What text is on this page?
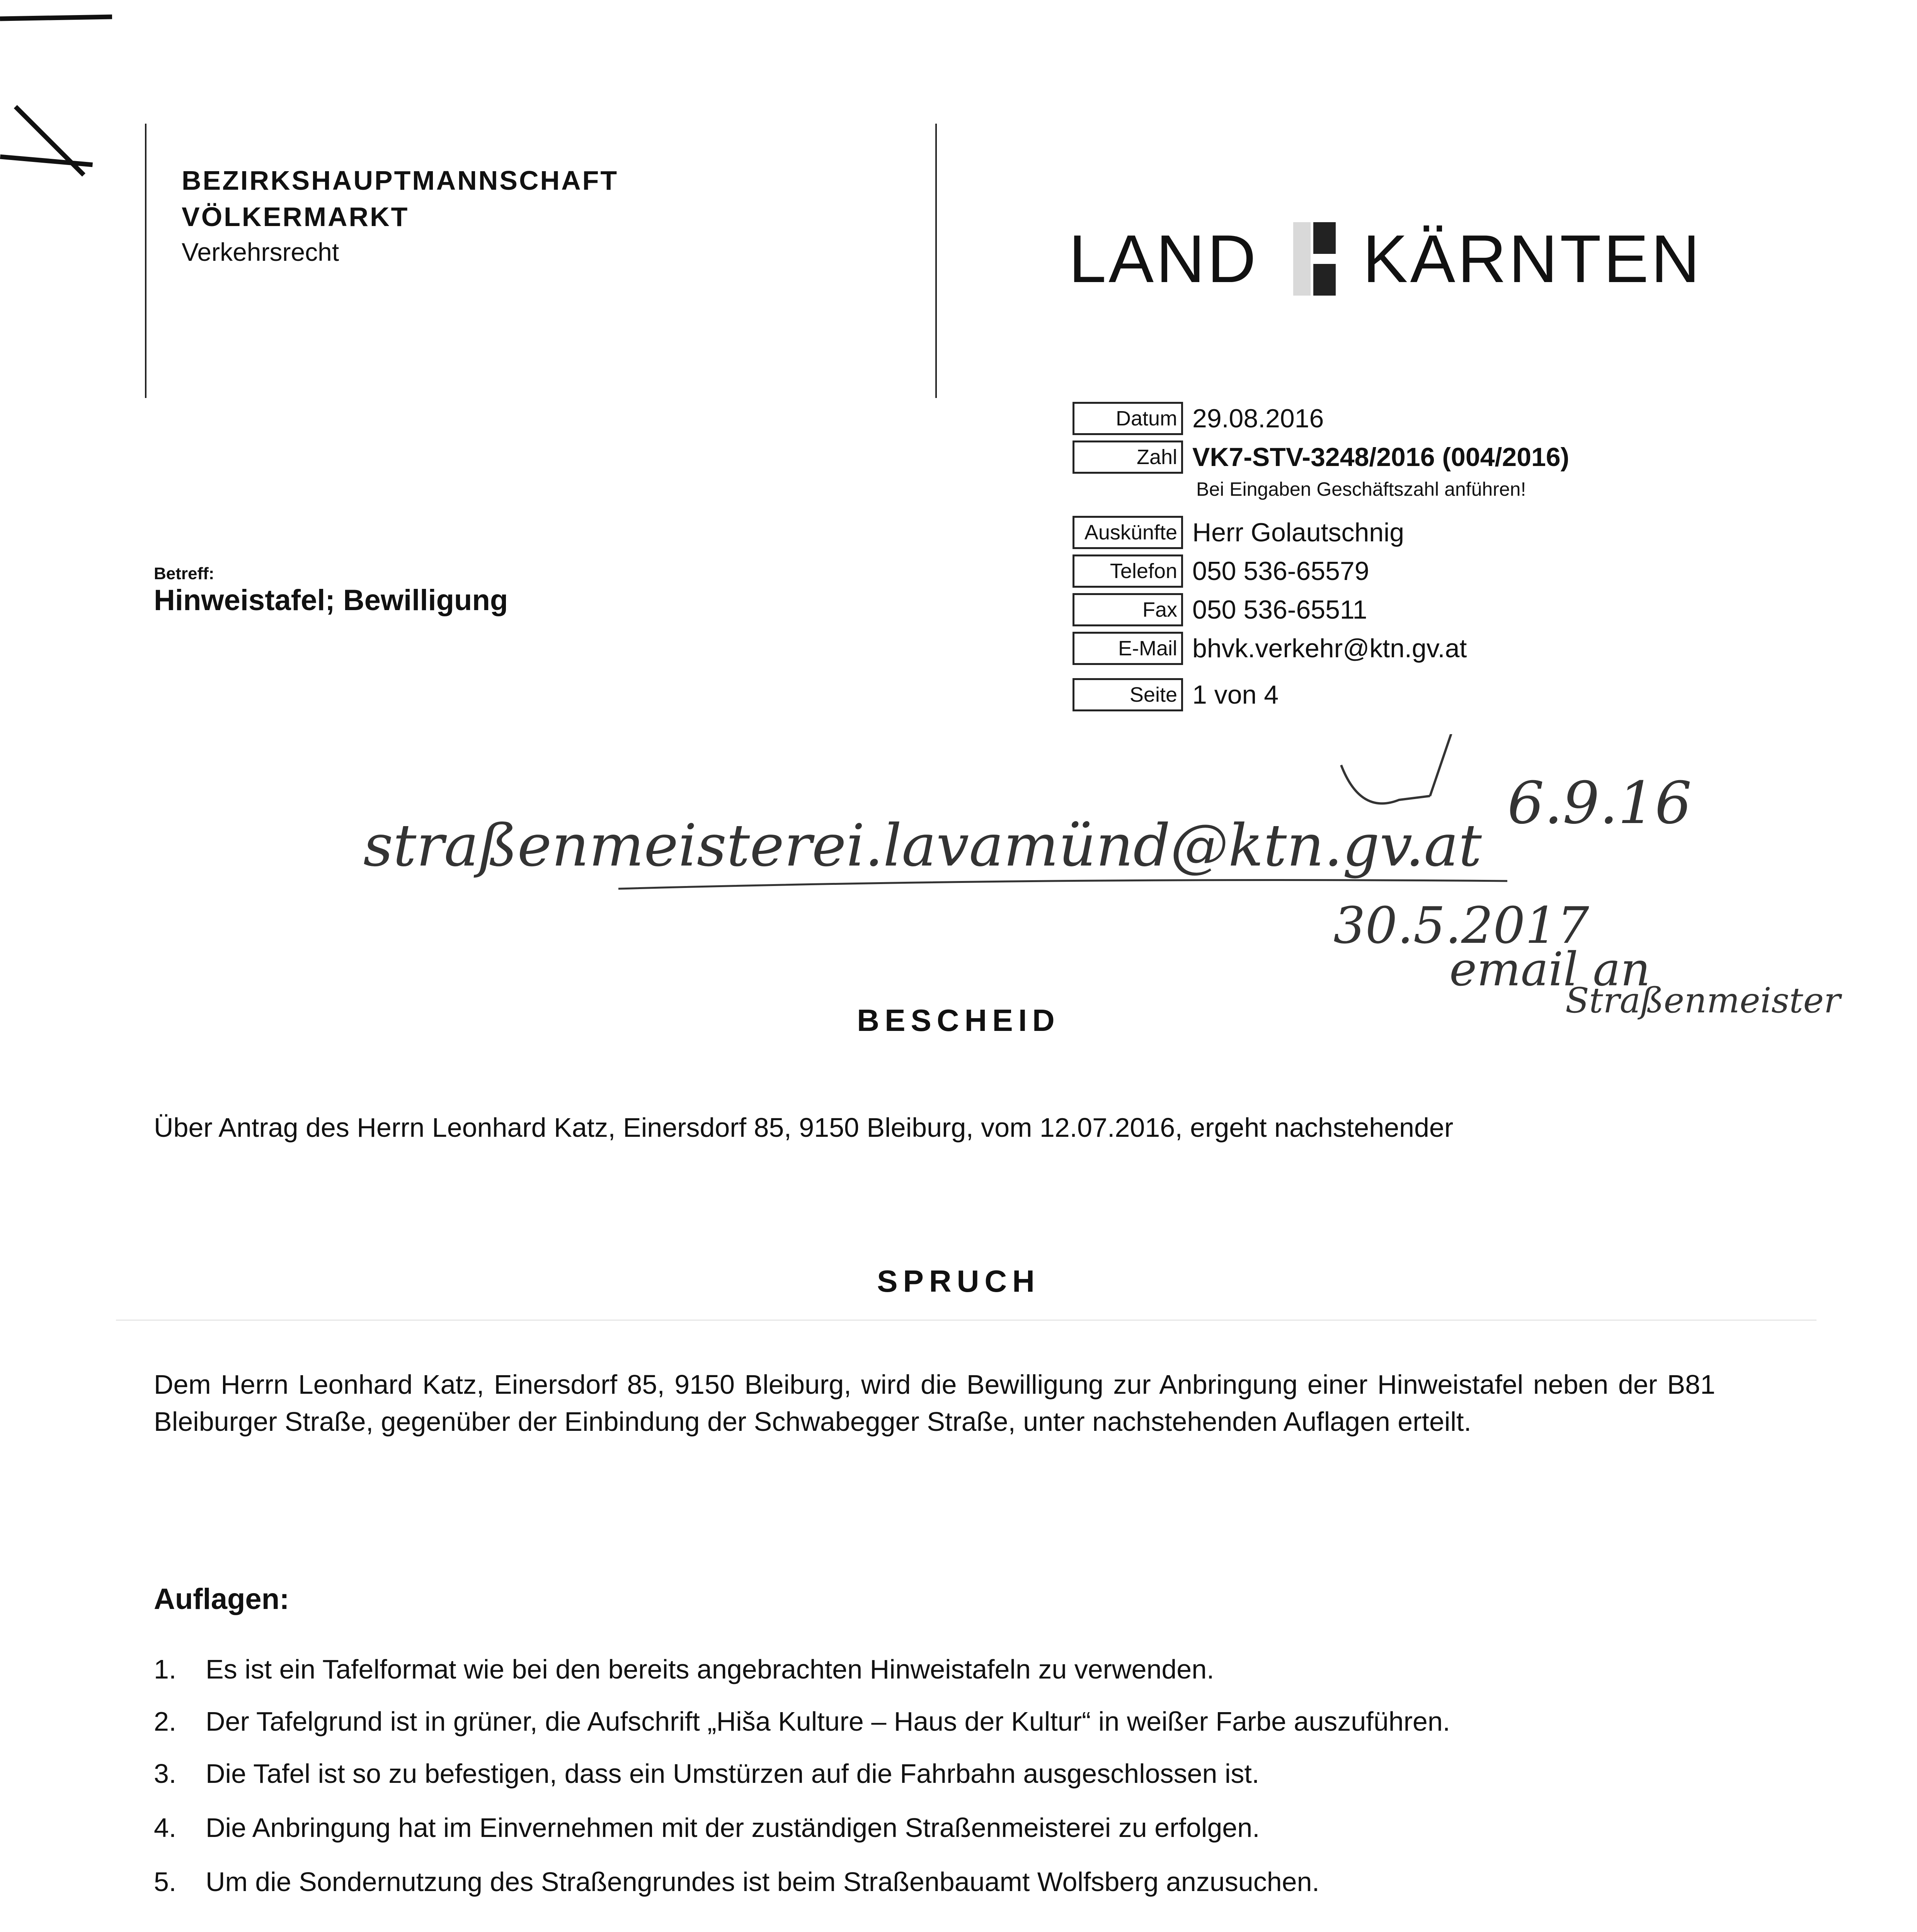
BEZIRKSHAUPTMANNSCHAFT
VÖLKERMARKT
Verkehrsrecht	LAND KÄRNTEN
Datum 29.08.2016
Zahl VK7-STV-3248/2016 (004/2016)
Bei Eingaben Geschäftszahl anführen!
Auskünfte Herr Golautschnig
Telefon 050 536-65579
Fax 050 536-65511
E-Mail bhvk.verkehr@ktn.gv.at
Seite 1 von 4
Betreff:
Hinweistafel; Bewilligung
straßenmeisterei.lavamünd@ktn.gv.at
6.9.16
30.5.2017
email an
Straßenmeister
BESCHEID
Über Antrag des Herrn Leonhard Katz, Einersdorf 85, 9150 Bleiburg, vom 12.07.2016, ergeht nachstehender
SPRUCH
Dem Herrn Leonhard Katz, Einersdorf 85, 9150 Bleiburg, wird die Bewilligung zur Anbringung einer Hinweistafel neben der B81 Bleiburger Straße, gegenüber der Einbindung der Schwabegger Straße, unter nachstehenden Auflagen erteilt.
Auflagen:
1. Es ist ein Tafelformat wie bei den bereits angebrachten Hinweistafeln zu verwenden.
2. Der Tafelgrund ist in grüner, die Aufschrift „Hiša Kulture – Haus der Kultur“ in weißer Farbe auszuführen.
3. Die Tafel ist so zu befestigen, dass ein Umstürzen auf die Fahrbahn ausgeschlossen ist.
4. Die Anbringung hat im Einvernehmen mit der zuständigen Straßenmeisterei zu erfolgen.
5. Um die Sondernutzung des Straßengrundes ist beim Straßenbauamt Wolfsberg anzusuchen.
